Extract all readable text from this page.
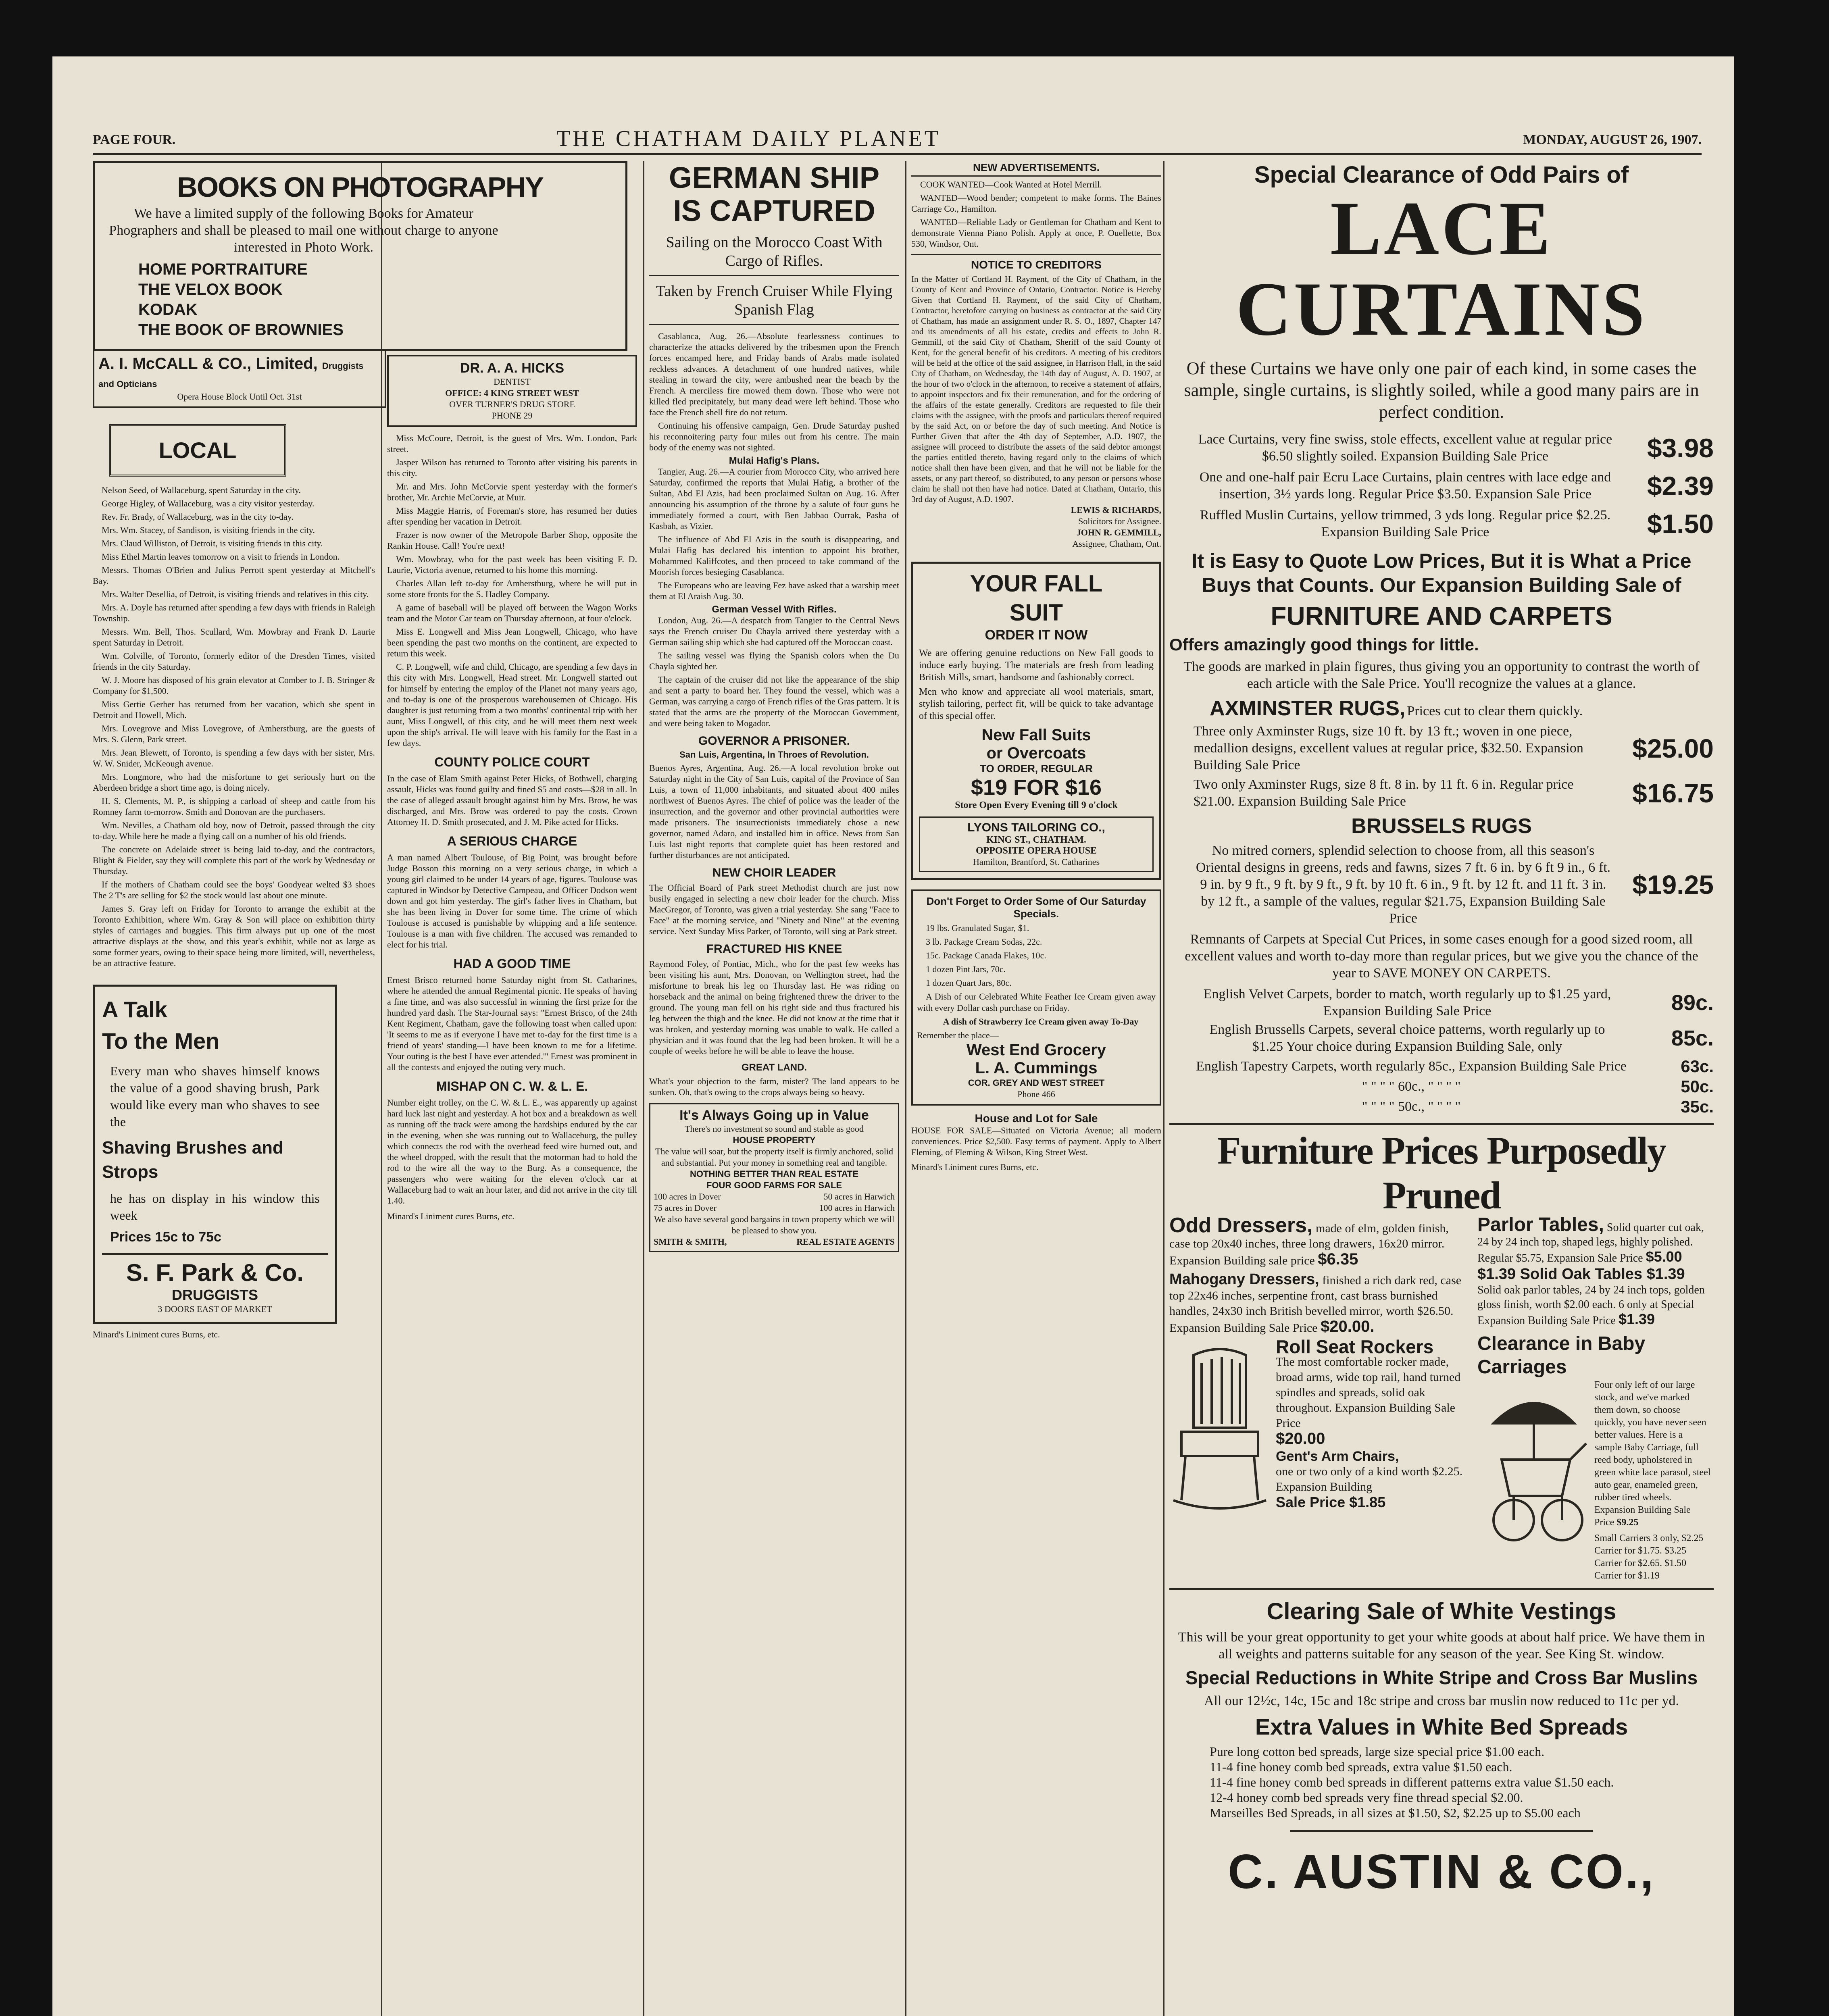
PAGE FOUR.	THE CHATHAM DAILY PLANET	MONDAY, AUGUST 26, 1907.
BOOKS ON PHOTOGRAPHY
We have a limited supply of the following Books for Amateur Phographers and shall be pleased to mail one without charge to anyone interested in Photo Work.
HOME PORTRAITURE
THE VELOX BOOK
KODAK
THE BOOK OF BROWNIES
A. I. McCALL & CO., Limited, Druggists and Opticians
Opera House Block Until Oct. 31st
LOCAL

Nelson Seed, of Wallaceburg, spent Saturday in the city.

George Higley, of Wallaceburg, was a city visitor yesterday.

Rev. Fr. Brady, of Wallaceburg, was in the city to-day.

Mrs. Wm. Stacey, of Sandison, is visiting friends in the city.

Mrs. Claud Williston, of Detroit, is visiting friends in this city.

Miss Ethel Martin leaves tomorrow on a visit to friends in London.

Messrs. Thomas O'Brien and Julius Perrott spent yesterday at Mitchell's Bay.

Mrs. Walter Desellia, of Detroit, is visiting friends and relatives in this city.

Mrs. A. Doyle has returned after spending a few days with friends in Raleigh Township.

Messrs. Wm. Bell, Thos. Scullard, Wm. Mowbray and Frank D. Laurie spent Saturday in Detroit.

Wm. Colville, of Toronto, formerly editor of the Dresden Times, visited friends in the city Saturday.

W. J. Moore has disposed of his grain elevator at Comber to J. B. Stringer & Company for $1,500.

Miss Gertie Gerber has returned from her vacation, which she spent in Detroit and Howell, Mich.

Mrs. Lovegrove and Miss Lovegrove, of Amherstburg, are the guests of Mrs. S. Glenn, Park street.

Mrs. Jean Blewett, of Toronto, is spending a few days with her sister, Mrs. W. W. Snider, McKeough avenue.

Mrs. Longmore, who had the misfortune to get seriously hurt on the Aberdeen bridge a short time ago, is doing nicely.

H. S. Clements, M. P., is shipping a carload of sheep and cattle from his Romney farm to-morrow. Smith and Donovan are the purchasers.

Wm. Nevilles, a Chatham old boy, now of Detroit, passed through the city to-day. While here he made a flying call on a number of his old friends.

The concrete on Adelaide street is being laid to-day, and the contractors, Blight & Fielder, say they will complete this part of the work by Wednesday or Thursday.

If the mothers of Chatham could see the boys' Goodyear welted $3 shoes The 2 T's are selling for $2 the stock would last about one minute.

James S. Gray left on Friday for Toronto to arrange the exhibit at the Toronto Exhibition, where Wm. Gray & Son will place on exhibition thirty styles of carriages and buggies. This firm always put up one of the most attractive displays at the show, and this year's exhibit, while not as large as some former years, owing to their space being more limited, will, nevertheless, be an attractive feature.

A Talk
To the Men
Every man who shaves himself knows the value of a good shaving brush, Park would like every man who shaves to see the
Shaving Brushes and Strops
he has on display in his window this week
Prices 15c to 75c
S. F. Park & Co.
DRUGGISTS
3 DOORS EAST OF MARKET
Minard's Liniment cures Burns, etc.
DR. A. A. HICKS
DENTIST
OFFICE: 4 KING STREET WEST
OVER TURNER'S DRUG STORE
PHONE 29

Miss McCoure, Detroit, is the guest of Mrs. Wm. London, Park street.

Jasper Wilson has returned to Toronto after visiting his parents in this city.

Mr. and Mrs. John McCorvie spent yesterday with the former's brother, Mr. Archie McCorvie, at Muir.

Miss Maggie Harris, of Foreman's store, has resumed her duties after spending her vacation in Detroit.

Frazer is now owner of the Metropole Barber Shop, opposite the Rankin House. Call! You're next!

Wm. Mowbray, who for the past week has been visiting F. D. Laurie, Victoria avenue, returned to his home this morning.

Charles Allan left to-day for Amherstburg, where he will put in some store fronts for the S. Hadley Company.

A game of baseball will be played off between the Wagon Works team and the Motor Car team on Thursday afternoon, at four o'clock.

Miss E. Longwell and Miss Jean Longwell, Chicago, who have been spending the past two months on the continent, are expected to return this week.

C. P. Longwell, wife and child, Chicago, are spending a few days in this city with Mrs. Longwell, Head street. Mr. Longwell started out for himself by entering the employ of the Planet not many years ago, and to-day is one of the prosperous warehousemen of Chicago. His daughter is just returning from a two months' continental trip with her aunt, Miss Longwell, of this city, and he will meet them next week upon the ship's arrival. He will leave with his family for the East in a few days.

COUNTY POLICE COURT
In the case of Elam Smith against Peter Hicks, of Bothwell, charging assault, Hicks was found guilty and fined $5 and costs—$28 in all. In the case of alleged assault brought against him by Mrs. Brow, he was discharged, and Mrs. Brow was ordered to pay the costs. Crown Attorney H. D. Smith prosecuted, and J. M. Pike acted for Hicks.
A SERIOUS CHARGE
A man named Albert Toulouse, of Big Point, was brought before Judge Bosson this morning on a very serious charge, in which a young girl claimed to be under 14 years of age, figures. Toulouse was captured in Windsor by Detective Campeau, and Officer Dodson went down and got him yesterday. The girl's father lives in Chatham, but she has been living in Dover for some time. The crime of which Toulouse is accused is punishable by whipping and a life sentence. Toulouse is a man with five children. The accused was remanded to elect for his trial.
HAD A GOOD TIME
Ernest Brisco returned home Saturday night from St. Catharines, where he attended the annual Regimental picnic. He speaks of having a fine time, and was also successful in winning the first prize for the hundred yard dash. The Star-Journal says: "Ernest Brisco, of the 24th Kent Regiment, Chatham, gave the following toast when called upon: 'It seems to me as if everyone I have met to-day for the first time is a friend of years' standing—I have been known to me for a lifetime. Your outing is the best I have ever attended.'" Ernest was prominent in all the contests and enjoyed the outing very much.
MISHAP ON C. W. & L. E.
Number eight trolley, on the C. W. & L. E., was apparently up against hard luck last night and yesterday. A hot box and a breakdown as well as running off the track were among the hardships endured by the car in the evening, when she was running out to Wallaceburg, the pulley which connects the rod with the overhead feed wire burned out, and the wheel dropped, with the result that the motorman had to hold the rod to the wire all the way to the Burg. As a consequence, the passengers who were waiting for the eleven o'clock car at Wallaceburg had to wait an hour later, and did not arrive in the city till 1.40.
Minard's Liniment cures Burns, etc.
GERMAN SHIP
IS CAPTURED
Sailing on the Morocco Coast With Cargo of Rifles.
Taken by French Cruiser While Flying Spanish Flag

Casablanca, Aug. 26.—Absolute fearlessness continues to characterize the attacks delivered by the tribesmen upon the French forces encamped here, and Friday bands of Arabs made isolated reckless advances. A detachment of one hundred natives, while stealing in toward the city, were ambushed near the beach by the French. A merciless fire mowed them down. Those who were not killed fled precipitately, but many dead were left behind. Those who face the French shell fire do not return.

Continuing his offensive campaign, Gen. Drude Saturday pushed his reconnoitering party four miles out from his centre. The main body of the enemy was not sighted.

Mulai Hafig's Plans.

Tangier, Aug. 26.—A courier from Morocco City, who arrived here Saturday, confirmed the reports that Mulai Hafig, a brother of the Sultan, Abd El Azis, had been proclaimed Sultan on Aug. 16. After announcing his assumption of the throne by a salute of four guns he immediately formed a court, with Ben Jabbao Ourrak, Pasha of Kasbah, as Vizier.

The influence of Abd El Azis in the south is disappearing, and Mulai Hafig has declared his intention to appoint his brother, Mohammed Kaliffcotes, and then proceed to take command of the Moorish forces besieging Casablanca.

The Europeans who are leaving Fez have asked that a warship meet them at El Araish Aug. 30.

German Vessel With Rifles.

London, Aug. 26.—A despatch from Tangier to the Central News says the French cruiser Du Chayla arrived there yesterday with a German sailing ship which she had captured off the Moroccan coast.

The sailing vessel was flying the Spanish colors when the Du Chayla sighted her.

The captain of the cruiser did not like the appearance of the ship and sent a party to board her. They found the vessel, which was a German, was carrying a cargo of French rifles of the Gras pattern. It is stated that the arms are the property of the Moroccan Government, and were being taken to Mogador.

GOVERNOR A PRISONER.
San Luis, Argentina, In Throes of Revolution.
Buenos Ayres, Argentina, Aug. 26.—A local revolution broke out Saturday night in the City of San Luis, capital of the Province of San Luis, a town of 11,000 inhabitants, and situated about 400 miles northwest of Buenos Ayres. The chief of police was the leader of the insurrection, and the governor and other provincial authorities were made prisoners. The insurrectionists immediately chose a new governor, named Adaro, and installed him in office. News from San Luis last night reports that complete quiet has been restored and further disturbances are not anticipated.
NEW CHOIR LEADER
The Official Board of Park street Methodist church are just now busily engaged in selecting a new choir leader for the church. Miss MacGregor, of Toronto, was given a trial yesterday. She sang "Face to Face" at the morning service, and "Ninety and Nine" at the evening service. Next Sunday Miss Parker, of Toronto, will sing at Park street.
FRACTURED HIS KNEE
Raymond Foley, of Pontiac, Mich., who for the past few weeks has been visiting his aunt, Mrs. Donovan, on Wellington street, had the misfortune to break his leg on Thursday last. He was riding on horseback and the animal on being frightened threw the driver to the ground. The young man fell on his right side and thus fractured his leg between the thigh and the knee. He did not know at the time that it was broken, and yesterday morning was unable to walk. He called a physician and it was found that the leg had been broken. It will be a couple of weeks before he will be able to leave the house.
GREAT LAND.
What's your objection to the farm, mister? The land appears to be sunken. Oh, that's owing to the crops always being so heavy.
It's Always Going up in Value
There's no investment so sound and stable as good
HOUSE PROPERTY
The value will soar, but the property itself is firmly anchored, solid and substantial. Put your money in something real and tangible.
NOTHING BETTER THAN REAL ESTATE
FOUR GOOD FARMS FOR SALE
100 acres in Dover	50 acres in Harwich
75 acres in Dover	100 acres in Harwich
We also have several good bargains in town property which we will be pleased to show you.
SMITH & SMITH,	REAL ESTATE AGENTS
NEW ADVERTISEMENTS.

COOK WANTED—Cook Wanted at Hotel Merrill.

WANTED—Wood bender; competent to make forms. The Baines Carriage Co., Hamilton.

WANTED—Reliable Lady or Gentleman for Chatham and Kent to demonstrate Vienna Piano Polish. Apply at once, P. Ouellette, Box 530, Windsor, Ont.

NOTICE TO CREDITORS
In the Matter of Cortland H. Rayment, of the City of Chatham, in the County of Kent and Province of Ontario, Contractor. Notice is Hereby Given that Cortland H. Rayment, of the said City of Chatham, Contractor, heretofore carrying on business as contractor at the said City of Chatham, has made an assignment under R. S. O., 1897, Chapter 147 and its amendments of all his estate, credits and effects to John R. Gemmill, of the said City of Chatham, Sheriff of the said County of Kent, for the general benefit of his creditors. A meeting of his creditors will be held at the office of the said assignee, in Harrison Hall, in the said City of Chatham, on Wednesday, the 14th day of August, A. D. 1907, at the hour of two o'clock in the afternoon, to receive a statement of affairs, to appoint inspectors and fix their remuneration, and for the ordering of the affairs of the estate generally. Creditors are requested to file their claims with the assignee, with the proofs and particulars thereof required by the said Act, on or before the day of such meeting. And Notice is Further Given that after the 4th day of September, A.D. 1907, the assignee will proceed to distribute the assets of the said debtor amongst the parties entitled thereto, having regard only to the claims of which notice shall then have been given, and that he will not be liable for the assets, or any part thereof, so distributed, to any person or persons whose claim he shall not then have had notice. Dated at Chatham, Ontario, this 3rd day of August, A.D. 1907.
LEWIS & RICHARDS,
Solicitors for Assignee.
JOHN R. GEMMILL,
Assignee, Chatham, Ont.
YOUR FALL
SUIT
ORDER IT NOW
We are offering genuine reductions on New Fall goods to induce early buying. The materials are fresh from leading British Mills, smart, handsome and fashionably correct.
Men who know and appreciate all wool materials, smart, stylish tailoring, perfect fit, will be quick to take advantage of this special offer.
New Fall Suits
or Overcoats
TO ORDER, REGULAR
$19 FOR $16
Store Open Every Evening till 9 o'clock
LYONS TAILORING CO.,
KING ST., CHATHAM.
OPPOSITE OPERA HOUSE
Hamilton, Brantford, St. Catharines
Don't Forget to Order Some of Our Saturday Specials.

19 lbs. Granulated Sugar, $1.

3 lb. Package Cream Sodas, 22c.

15c. Package Canada Flakes, 10c.

1 dozen Pint Jars, 70c.

1 dozen Quart Jars, 80c.

A Dish of our Celebrated White Feather Ice Cream given away with every Dollar cash purchase on Friday.

A dish of Strawberry Ice Cream given away To-Day

Remember the place—
West End Grocery
L. A. Cummings
COR. GREY AND WEST STREET
Phone 466
House and Lot for Sale
HOUSE FOR SALE—Situated on Victoria Avenue; all modern conveniences. Price $2,500. Easy terms of payment. Apply to Albert Fleming, of Fleming & Wilson, King Street West.
Minard's Liniment cures Burns, etc.
Special Clearance of Odd Pairs of
LACE CURTAINS
Of these Curtains we have only one pair of each kind, in some cases the sample, single curtains, is slightly soiled, while a good many pairs are in perfect condition.
Lace Curtains, very fine swiss, stole effects, excellent value at regular price $6.50 slightly soiled. Expansion Building Sale Price	$3.98
One and one-half pair Ecru Lace Curtains, plain centres with lace edge and insertion, 3½ yards long. Regular Price $3.50. Expansion Sale Price	$2.39
Ruffled Muslin Curtains, yellow trimmed, 3 yds long. Regular price $2.25. Expansion Building Sale Price	$1.50
It is Easy to Quote Low Prices, But it is What a Price Buys that Counts. Our Expansion Building Sale of
FURNITURE AND CARPETS
Offers amazingly good things for little.
The goods are marked in plain figures, thus giving you an opportunity to contrast the worth of each article with the Sale Price. You'll recognize the values at a glance.
AXMINSTER RUGS, Prices cut to clear them quickly.
Three only Axminster Rugs, size 10 ft. by 13 ft.; woven in one piece, medallion designs, excellent values at regular price, $32.50. Expansion Building Sale Price
$25.00
Two only Axminster Rugs, size 8 ft. 8 in. by 11 ft. 6 in. Regular price $21.00. Expansion Building Sale Price	$16.75
BRUSSELS RUGS
No mitred corners, splendid selection to choose from, all this season's Oriental designs in greens, reds and fawns, sizes 7 ft. 6 in. by 6 ft 9 in., 6 ft. 9 in. by 9 ft., 9 ft. by 9 ft., 9 ft. by 10 ft. 6 in., 9 ft. by 12 ft. and 11 ft. 3 in. by 12 ft., a sample of the values, regular $21.75, Expansion Building Sale Price
$19.25
Remnants of Carpets at Special Cut Prices, in some cases enough for a good sized room, all excellent values and worth to-day more than regular prices, but we give you the chance of the year to SAVE MONEY ON CARPETS.
English Velvet Carpets, border to match, worth regularly up to $1.25 yard, Expansion Building Sale Price	89c.
English Brussells Carpets, several choice patterns, worth regularly up to $1.25 Your choice during Expansion Building Sale, only	85c.
English Tapestry Carpets, worth regularly 85c., Expansion Building Sale Price	63c.
" " " " 60c., " " " "	50c.
" " " " 50c., " " " "	35c.
Furniture Prices Purposedly Pruned
Odd Dressers, made of elm, golden finish, case top 20x40 inches, three long drawers, 16x20 mirror. Expansion Building sale price $6.35
Mahogany Dressers, finished a rich dark red, case top 22x46 inches, serpentine front, cast brass burnished handles, 24x30 inch British bevelled mirror, worth $26.50. Expansion Building Sale Price $20.00.
Roll Seat Rockers
The most comfortable rocker made, broad arms, wide top rail, hand turned spindles and spreads, solid oak throughout. Expansion Building Sale Price
$20.00
Gent's Arm Chairs,
one or two only of a kind worth $2.25. Expansion Building
Sale Price $1.85
Parlor Tables, Solid quarter cut oak, 24 by 24 inch top, shaped legs, highly polished. Regular $5.75, Expansion Sale Price $5.00
$1.39 Solid Oak Tables $1.39
Solid oak parlor tables, 24 by 24 inch tops, golden gloss finish, worth $2.00 each. 6 only at Special Expansion Building Sale Price $1.39
Clearance in Baby Carriages
Four only left of our large stock, and we've marked them down, so choose quickly, you have never seen better values. Here is a sample Baby Carriage, full reed body, upholstered in green white lace parasol, steel auto gear, enameled green, rubber tired wheels. Expansion Building Sale Price $9.25
Small Carriers 3 only, $2.25 Carrier for $1.75. $3.25 Carrier for $2.65. $1.50 Carrier for $1.19
Clearing Sale of White Vestings
This will be your great opportunity to get your white goods at about half price. We have them in all weights and patterns suitable for any season of the year. See King St. window.
Special Reductions in White Stripe and Cross Bar Muslins
All our 12½c, 14c, 15c and 18c stripe and cross bar muslin now reduced to 11c per yd.
Extra Values in White Bed Spreads
Pure long cotton bed spreads, large size special price $1.00 each.
11-4 fine honey comb bed spreads, extra value $1.50 each.
11-4 fine honey comb bed spreads in different patterns extra value $1.50 each.
12-4 honey comb bed spreads very fine thread special $2.00.
Marseilles Bed Spreads, in all sizes at $1.50, $2, $2.25 up to $5.00 each
C. AUSTIN & CO.,
